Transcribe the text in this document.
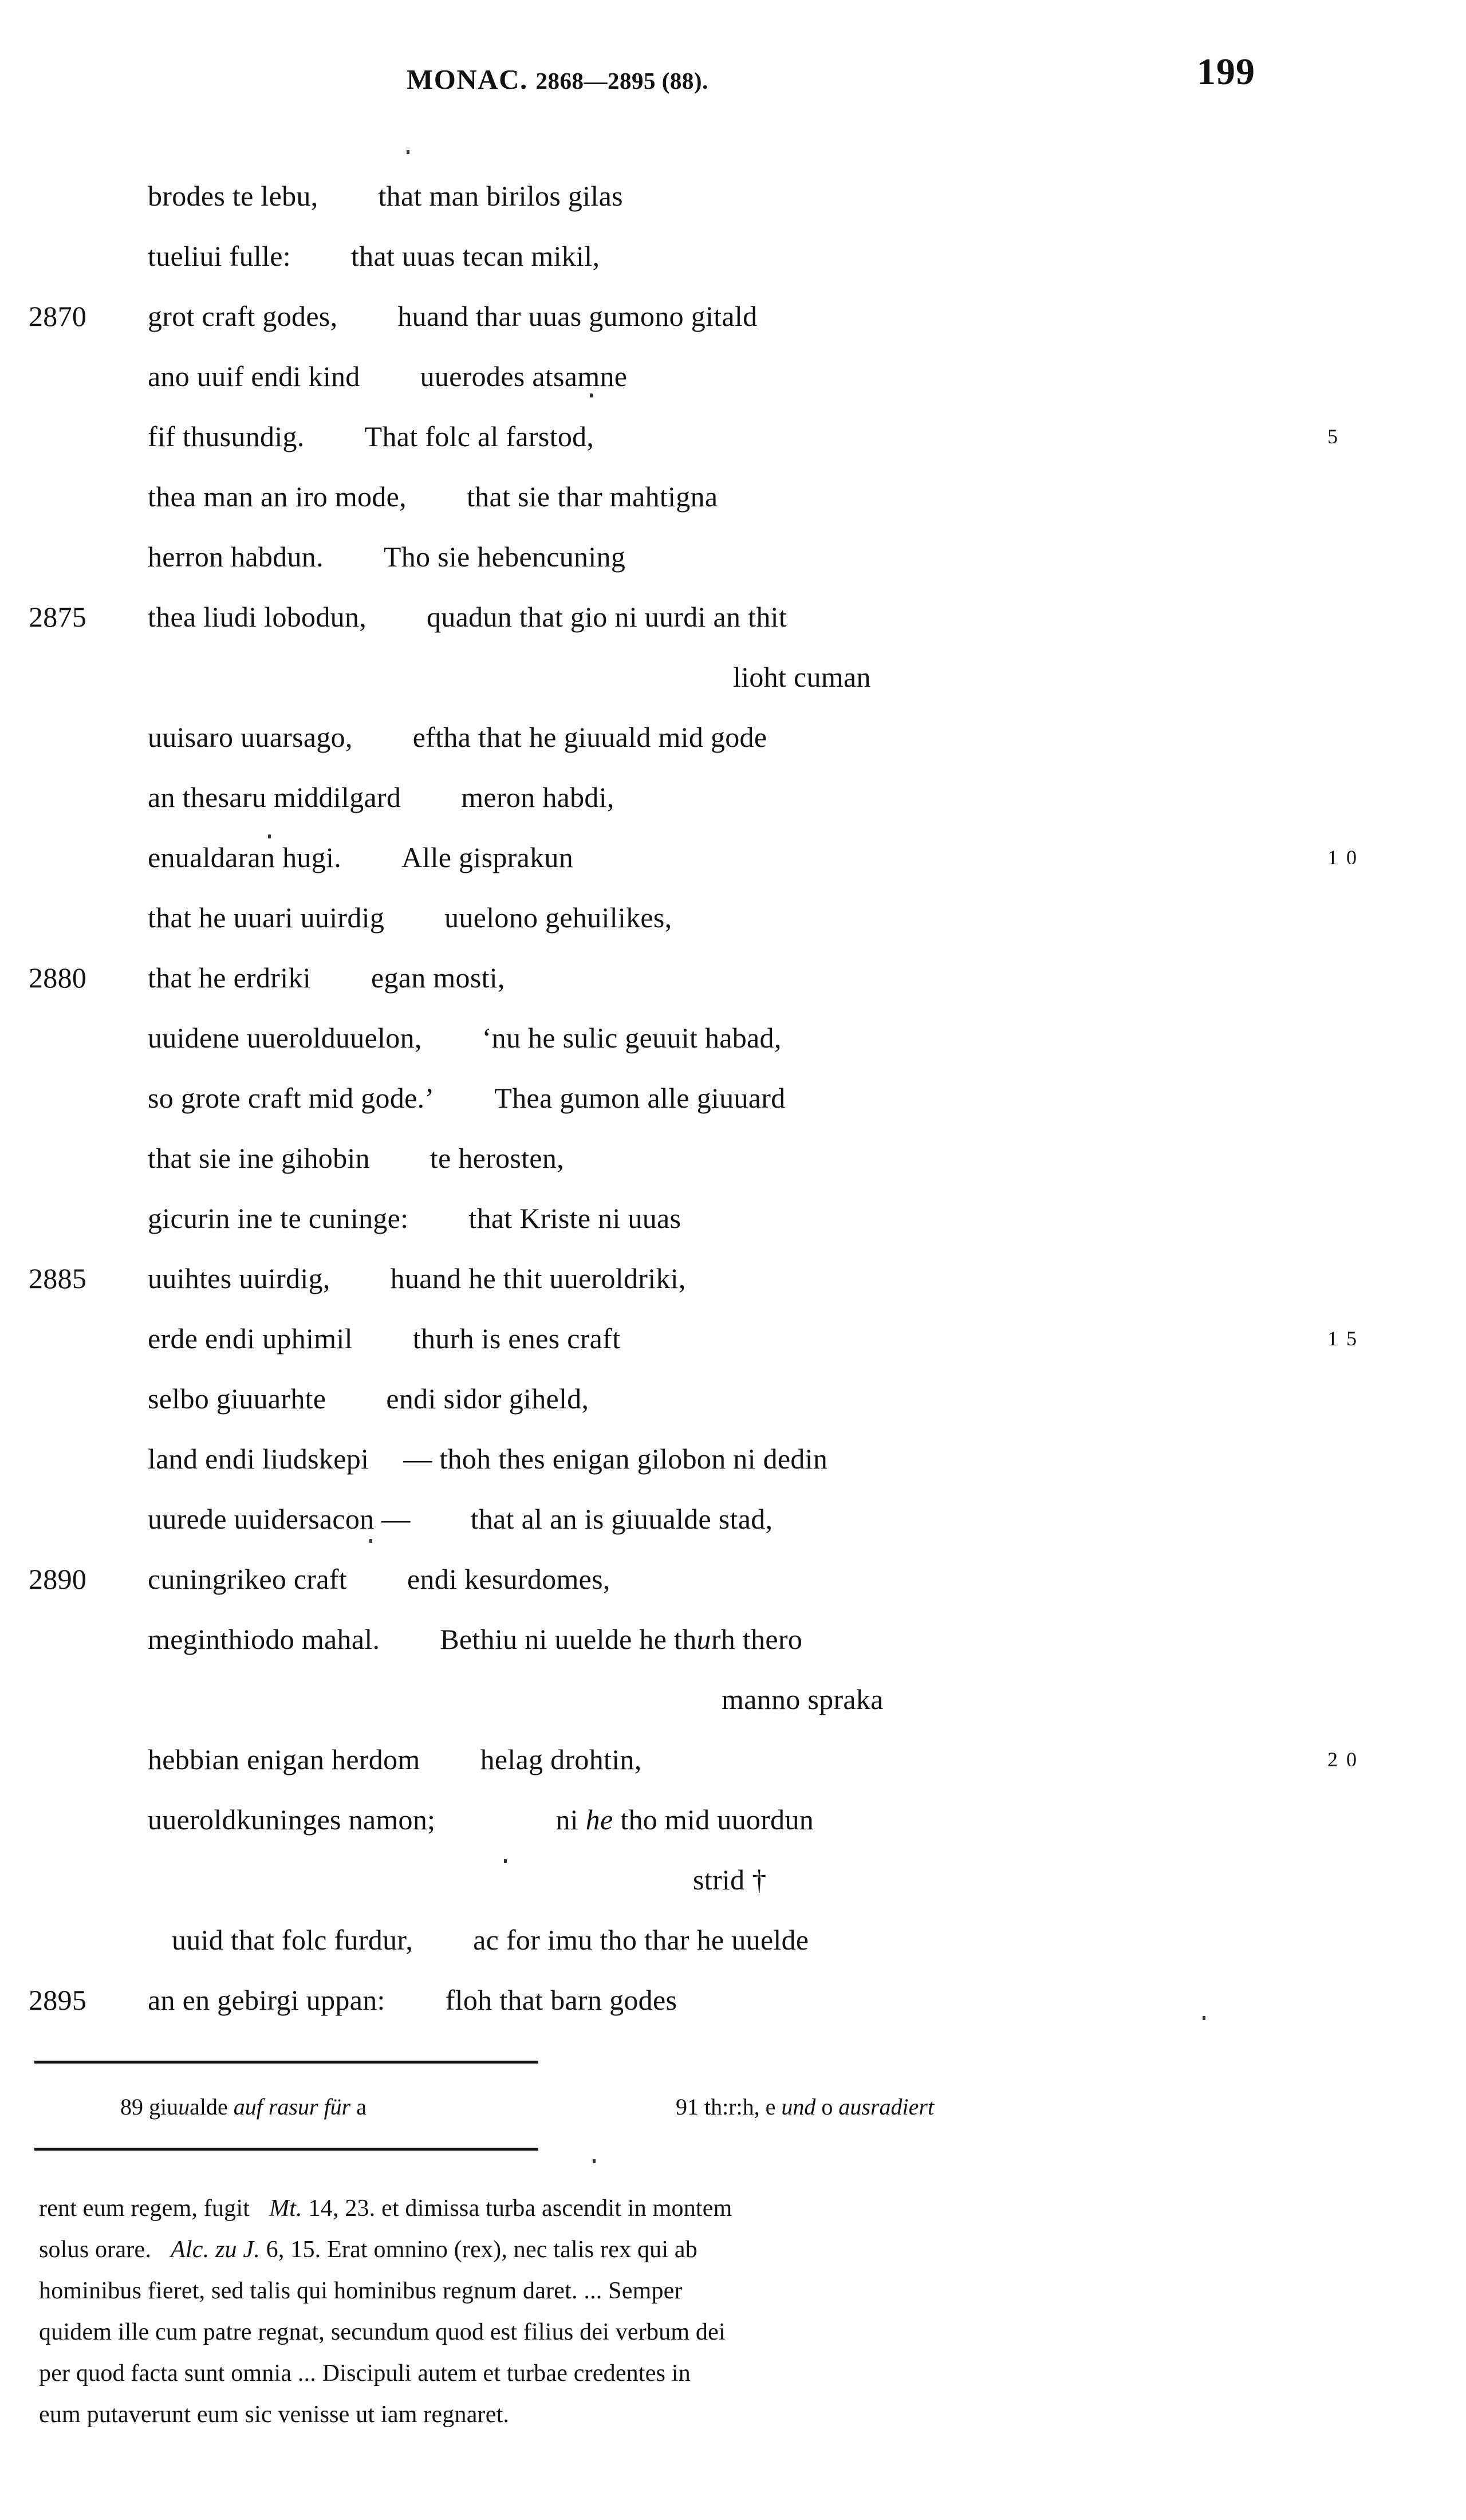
MONAC. 2868—2895 (88).	199
brodes te lebu, that man birilos gilas
tueliui fulle: that uuas tecan mikil,
2870	grot craft godes, huand thar uuas gumono gitald
ano uuif endi kind uuerodes atsamne
fif thusundig. That folc al farstod,	5
thea man an iro mode, that sie thar mahtigna
herron habdun. Tho sie hebencuning
2875	thea liudi lobodun, quadun that gio ni uurdi an thit
lioht cuman
uuisaro uuarsago, eftha that he giuuald mid gode
an thesaru middilgard meron habdi,
enualdaran hugi. Alle gisprakun	1 0
that he uuari uuirdig uuelono gehuilikes,
2880	that he erdriki egan mosti,
uuidene uuerolduuelon, ‘nu he sulic geuuit habad,
so grote craft mid gode.’ Thea gumon alle giuuard
that sie ine gihobin te herosten,
gicurin ine te cuninge: that Kriste ni uuas
2885	uuihtes uuirdig, huand he thit uueroldriki,
erde endi uphimil thurh is enes craft	1 5
selbo giuuarhte endi sidor giheld,
land endi liudskepi — thoh thes enigan gilobon ni dedin
uurede uuidersacon — that al an is giuualde stad,
2890	cuningrikeo craft endi kesurdomes,
meginthiodo mahal. Bethiu ni uuelde he thurh thero
manno spraka
hebbian enigan herdom helag drohtin,	2 0
uueroldkuninges namon;	ni he tho mid uuordun
strid †
uuid that folc furdur, ac for imu tho thar he uuelde
2895	an en gebirgi uppan: floh that barn godes
89 giuualde auf rasur für a	91 th:r:h, e und o ausradiert
rent eum regem, fugit Mt. 14, 23. et dimissa turba ascendit in montem
solus orare. Alc. zu J. 6, 15. Erat omnino (rex), nec talis rex qui ab
hominibus fieret, sed talis qui hominibus regnum daret. ... Semper
quidem ille cum patre regnat, secundum quod est filius dei verbum dei
per quod facta sunt omnia ... Discipuli autem et turbae credentes in
eum putaverunt eum sic venisse ut iam regnaret.
